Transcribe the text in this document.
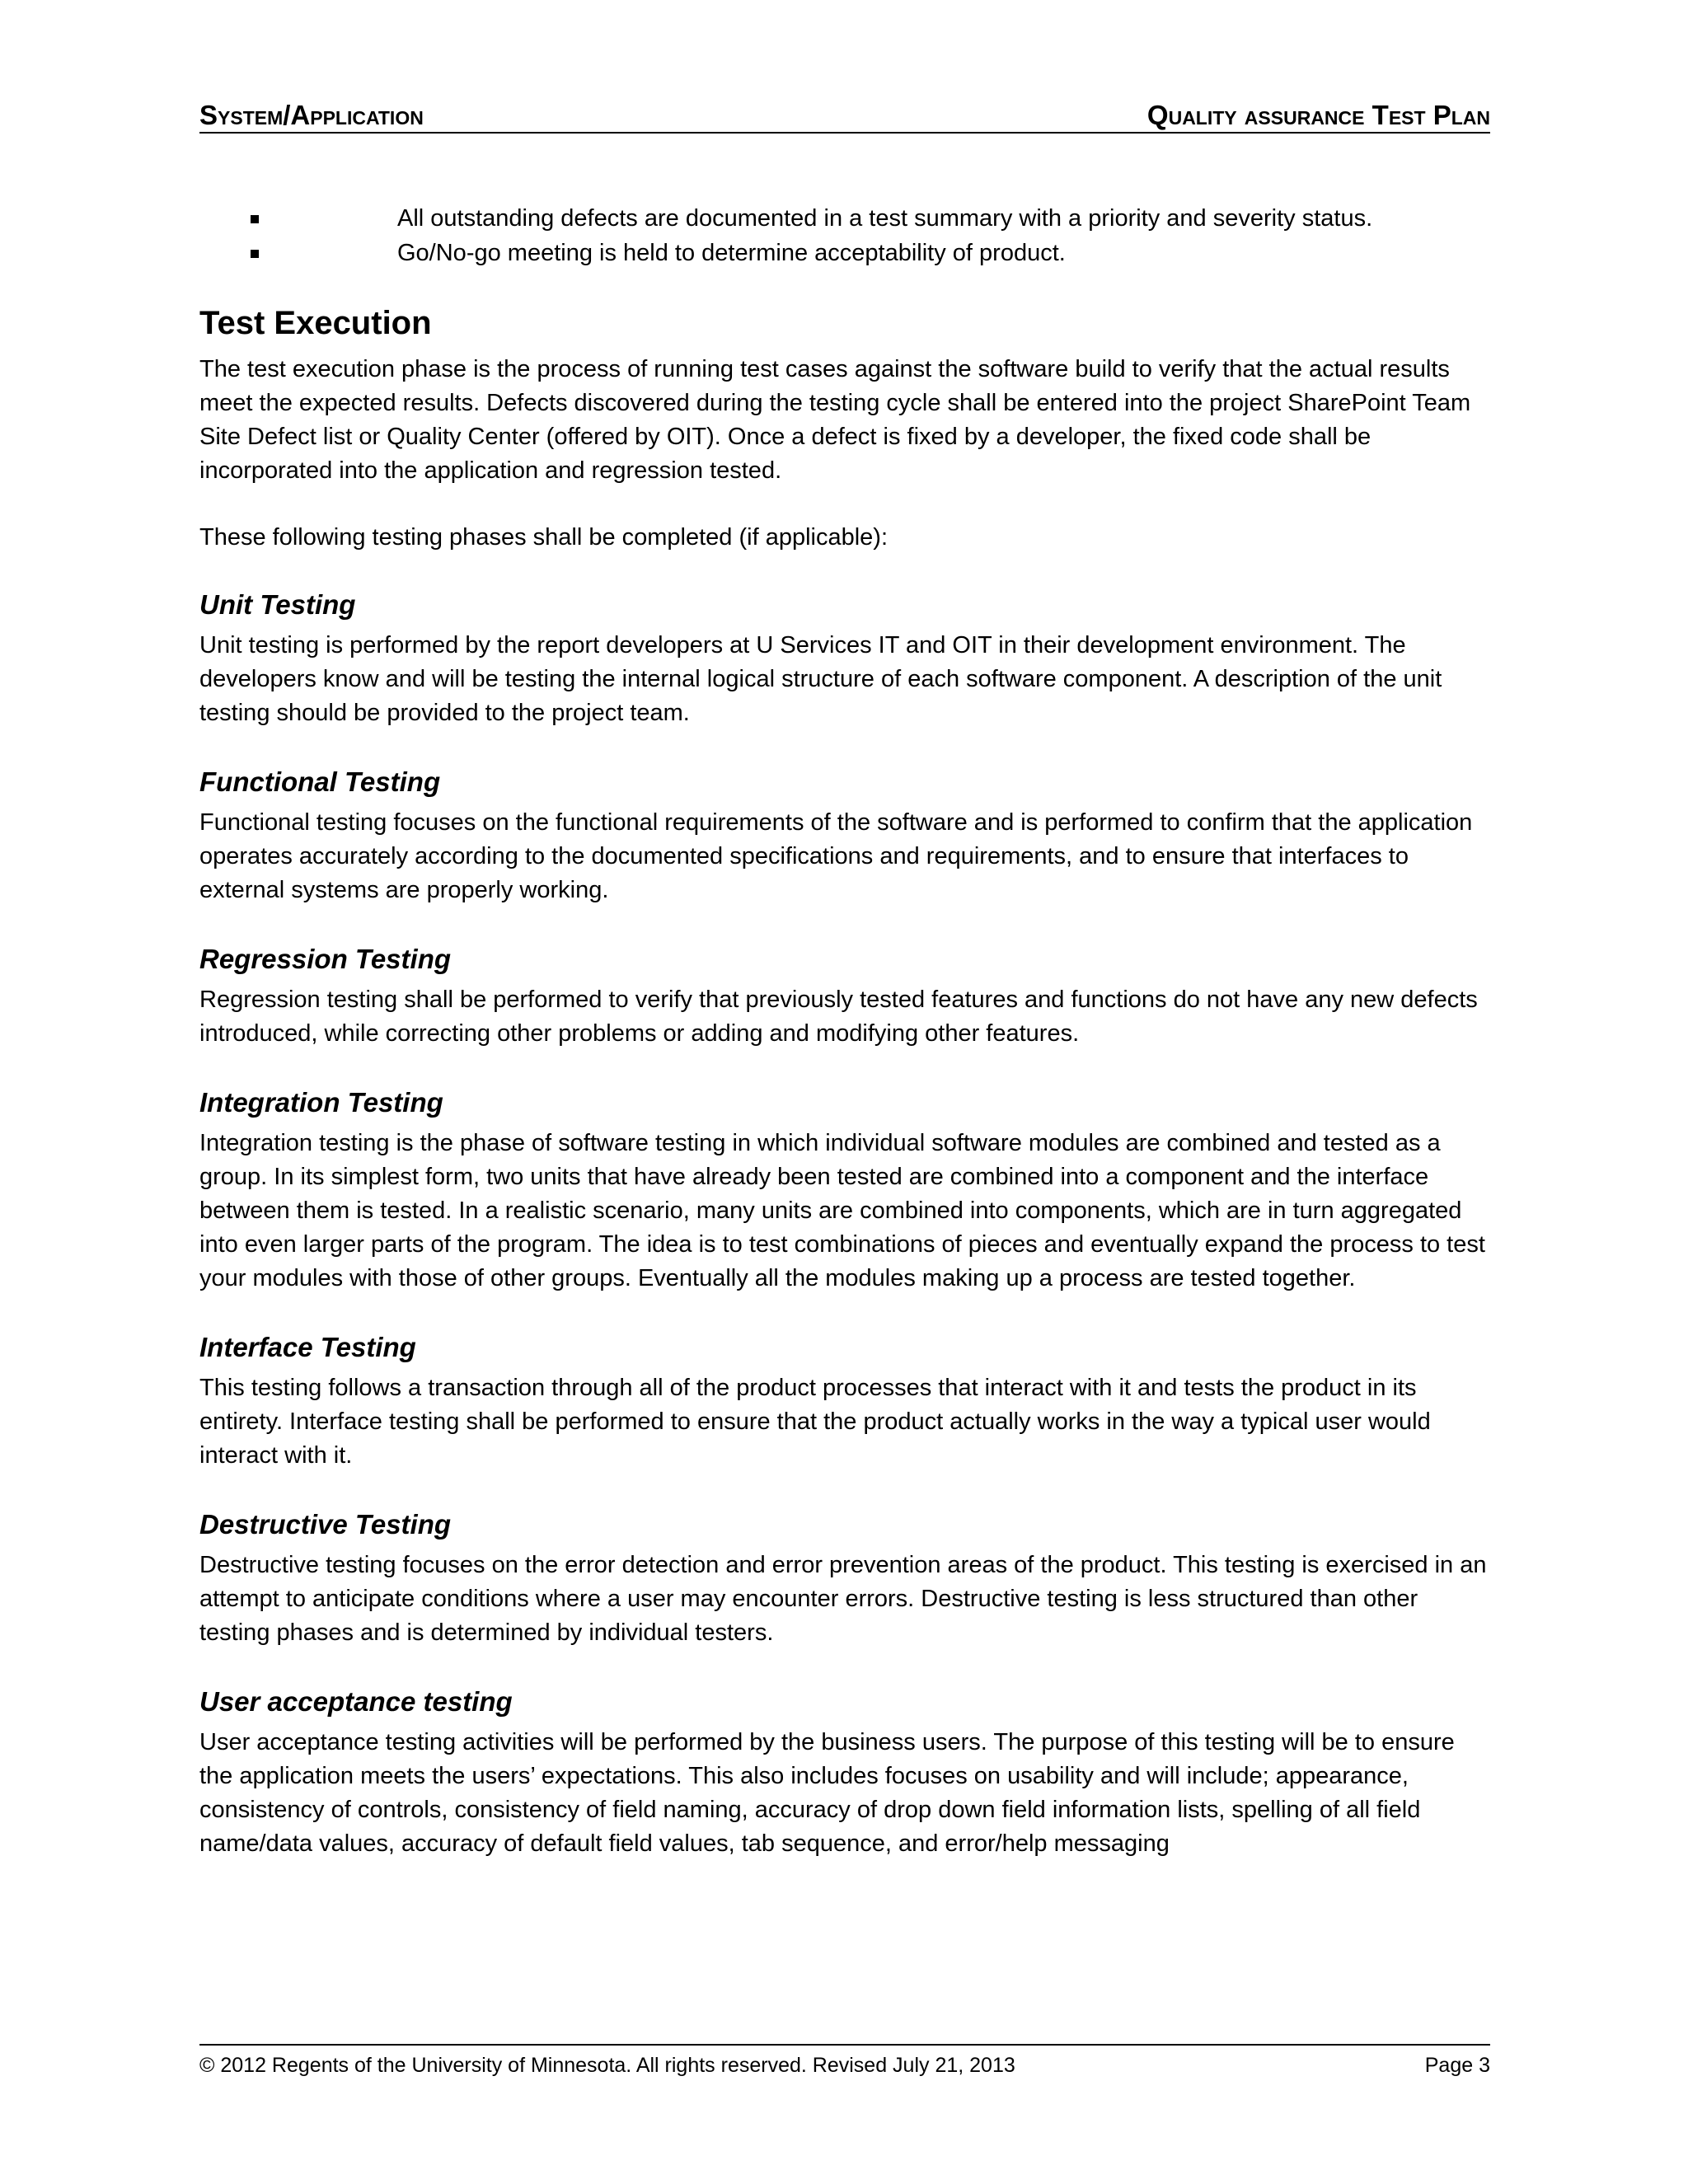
System/Application	Quality assurance Test Plan
All outstanding defects are documented in a test summary with a priority and severity status.
Go/No-go meeting is held to determine acceptability of product.
Test Execution

The test execution phase is the process of running test cases against the software build to verify that the actual results meet the expected results. Defects discovered during the testing cycle shall be entered into the project SharePoint Team Site Defect list or Quality Center (offered by OIT). Once a defect is fixed by a developer, the fixed code shall be incorporated into the application and regression tested.

These following testing phases shall be completed (if applicable):

Unit Testing

Unit testing is performed by the report developers at U Services IT and OIT in their development environment. The developers know and will be testing the internal logical structure of each software component. A description of the unit testing should be provided to the project team.

Functional Testing

Functional testing focuses on the functional requirements of the software and is performed to confirm that the application operates accurately according to the documented specifications and requirements, and to ensure that interfaces to external systems are properly working.

Regression Testing

Regression testing shall be performed to verify that previously tested features and functions do not have any new defects introduced, while correcting other problems or adding and modifying other features.

Integration Testing

Integration testing is the phase of software testing in which individual software modules are combined and tested as a group. In its simplest form, two units that have already been tested are combined into a component and the interface between them is tested. In a realistic scenario, many units are combined into components, which are in turn aggregated into even larger parts of the program. The idea is to test combinations of pieces and eventually expand the process to test your modules with those of other groups. Eventually all the modules making up a process are tested together.

Interface Testing

This testing follows a transaction through all of the product processes that interact with it and tests the product in its entirety. Interface testing shall be performed to ensure that the product actually works in the way a typical user would interact with it.

Destructive Testing

Destructive testing focuses on the error detection and error prevention areas of the product. This testing is exercised in an attempt to anticipate conditions where a user may encounter errors. Destructive testing is less structured than other testing phases and is determined by individual testers.

User acceptance testing

User acceptance testing activities will be performed by the business users. The purpose of this testing will be to ensure the application meets the users’ expectations. This also includes focuses on usability and will include; appearance, consistency of controls, consistency of field naming, accuracy of drop down field information lists, spelling of all field name/data values, accuracy of default field values, tab sequence, and error/help messaging

© 2012 Regents of the University of Minnesota. All rights reserved. Revised July 21, 2013	Page 3
